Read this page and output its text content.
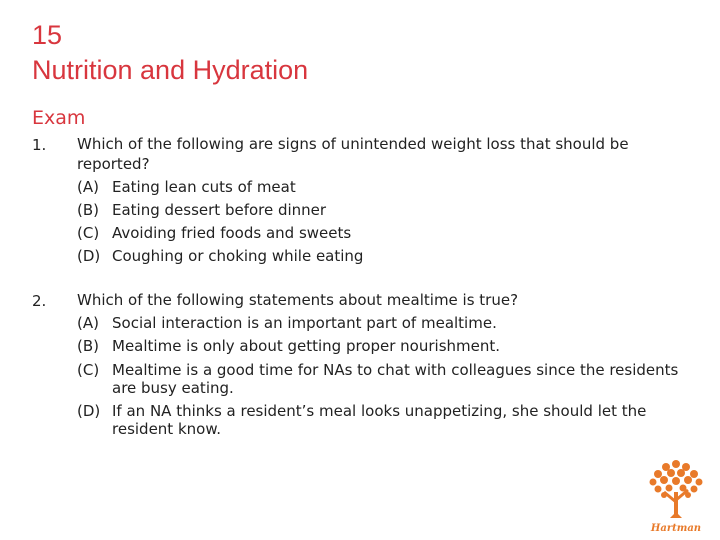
15
Nutrition and Hydration
Exam
1. Which of the following are signs of unintended weight loss that should be reported?
(A) Eating lean cuts of meat
(B) Eating dessert before dinner
(C) Avoiding fried foods and sweets
(D) Coughing or choking while eating
2. Which of the following statements about mealtime is true?
(A) Social interaction is an important part of mealtime.
(B) Mealtime is only about getting proper nourishment.
(C) Mealtime is a good time for NAs to chat with colleagues since the residents are busy eating.
(D) If an NA thinks a resident’s meal looks unappetizing, she should let the resident know.
Hartman
